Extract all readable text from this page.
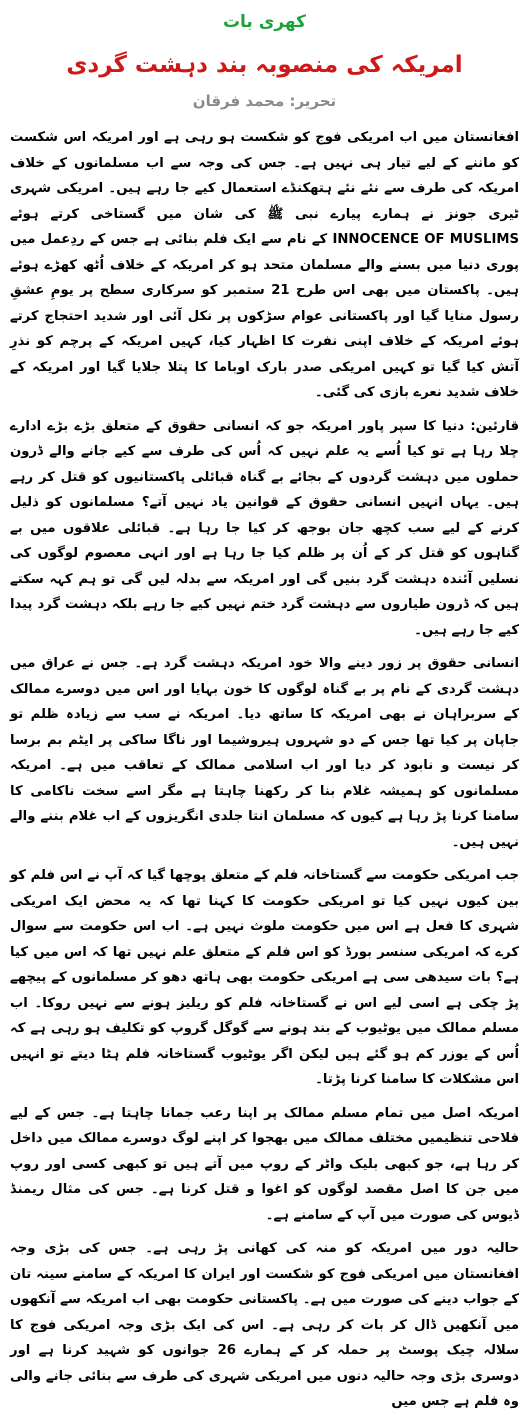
کھری بات
امریکہ کی منصوبہ بند دہشت گردی
تحریر: محمد فرقان

افغانستان میں اب امریکی فوج کو شکست ہو رہی ہے اور امریکہ اس شکست کو ماننے کے لیے تیار ہی نہیں ہے۔ جس کی وجہ سے اب مسلمانوں کے خلاف امریکہ کی طرف سے نئے نئے ہتھکنڈے استعمال کیے جا رہے ہیں۔ امریکی شہری ٹیری جونز نے ہمارے پیارے نبی ﷺ کی شان میں گستاخی کرتے ہوئے INNOCENCE OF MUSLIMS کے نام سے ایک فلم بنائی ہے جس کے ردِعمل میں پوری دنیا میں بسنے والے مسلمان متحد ہو کر امریکہ کے خلاف اُٹھ کھڑے ہوئے ہیں۔ پاکستان میں بھی اس طرح 21 ستمبر کو سرکاری سطح پر یومِ عشقِ رسول منایا گیا اور پاکستانی عوام سڑکوں پر نکل آئی اور شدید احتجاج کرتے ہوئے امریکہ کے خلاف اپنی نفرت کا اظہار کیا، کہیں امریکہ کے پرچم کو نذرِ آتش کیا گیا تو کہیں امریکی صدر بارک اوباما کا پتلا جلایا گیا اور امریکہ کے خلاف شدید نعرے بازی کی گئی۔

قارئین: دنیا کا سپر پاور امریکہ جو کہ انسانی حقوق کے متعلق بڑے بڑے ادارے چلا رہا ہے تو کیا اُسے یہ علم نہیں کہ اُس کی طرف سے کیے جانے والے ڈرون حملوں میں دہشت گردوں کے بجائے بے گناہ قبائلی پاکستانیوں کو قتل کر رہے ہیں۔ یہاں انہیں انسانی حقوق کے قوانین یاد نہیں آتے؟ مسلمانوں کو ذلیل کرنے کے لیے سب کچھ جان بوجھ کر کیا جا رہا ہے۔ قبائلی علاقوں میں بے گناہوں کو قتل کر کے اُن پر ظلم کیا جا رہا ہے اور انہی معصوم لوگوں کی نسلیں آئندہ دہشت گرد بنیں گی اور امریکہ سے بدلہ لیں گی تو ہم کہہ سکتے ہیں کہ ڈرون طیاروں سے دہشت گرد ختم نہیں کیے جا رہے بلکہ دہشت گرد پیدا کیے جا رہے ہیں۔

انسانی حقوق پر زور دینے والا خود امریکہ دہشت گرد ہے۔ جس نے عراق میں دہشت گردی کے نام پر بے گناہ لوگوں کا خون بہایا اور اس میں دوسرے ممالک کے سربراہان نے بھی امریکہ کا ساتھ دیا۔ امریکہ نے سب سے زیادہ ظلم تو جاپان پر کیا تھا جس کے دو شہروں ہیروشیما اور ناگا ساکی پر ایٹم بم برسا کر نیست و نابود کر دیا اور اب اسلامی ممالک کے تعاقب میں ہے۔ امریکہ مسلمانوں کو ہمیشہ غلام بنا کر رکھنا چاہتا ہے مگر اسے سخت ناکامی کا سامنا کرنا پڑ رہا ہے کیوں کہ مسلمان انتا جلدی انگریزوں کے اب غلام بننے والے نہیں ہیں۔

جب امریکی حکومت سے گستاخانہ فلم کے متعلق پوچھا گیا کہ آپ نے اس فلم کو بین کیوں نہیں کیا تو امریکی حکومت کا کہنا تھا کہ یہ محض ایک امریکی شہری کا فعل ہے اس میں حکومت ملوث نہیں ہے۔ اب اس حکومت سے سوال کرے کہ امریکی سنسر بورڈ کو اس فلم کے متعلق علم نہیں تھا کہ اس میں کیا ہے؟ بات سیدھی سی ہے امریکی حکومت بھی ہاتھ دھو کر مسلمانوں کے پیچھے پڑ چکی ہے اسی لیے اس نے گستاخانہ فلم کو ریلیز ہونے سے نہیں روکا۔ اب مسلم ممالک میں یوٹیوب کے بند ہونے سے گوگل گروپ کو تکلیف ہو رہی ہے کہ اُس کے یوزر کم ہو گئے ہیں لیکن اگر یوٹیوب گستاخانہ فلم ہٹا دیتے تو انہیں اس مشکلات کا سامنا کرنا پڑتا۔

امریکہ اصل میں تمام مسلم ممالک پر اپنا رعب جمانا چاہتا ہے۔ جس کے لیے فلاحی تنظیمیں مختلف ممالک میں بھجوا کر اپنے لوگ دوسرے ممالک میں داخل کر رہا ہے، جو کبھی بلیک واٹر کے روپ میں آتے ہیں تو کبھی کسی اور روپ میں جن کا اصل مقصد لوگوں کو اغوا و قتل کرنا ہے۔ جس کی مثال ریمنڈ ڈیوس کی صورت میں آپ کے سامنے ہے۔

حالیہ دور میں امریکہ کو منہ کی کھانی پڑ رہی ہے۔ جس کی بڑی وجہ افغانستان میں امریکی فوج کو شکست اور ایران کا امریکہ کے سامنے سینہ تان کے جواب دینے کی صورت میں ہے۔ پاکستانی حکومت بھی اب امریکہ سے آنکھوں میں آنکھیں ڈال کر بات کر رہی ہے۔ اس کی ایک بڑی وجہ امریکی فوج کا سلالہ چیک پوسٹ پر حملہ کر کے ہمارے 26 جوانوں کو شہید کرنا ہے اور دوسری بڑی وجہ حالیہ دنوں میں امریکی شہری کی طرف سے بنائی جانے والی وہ فلم ہے جس میں
